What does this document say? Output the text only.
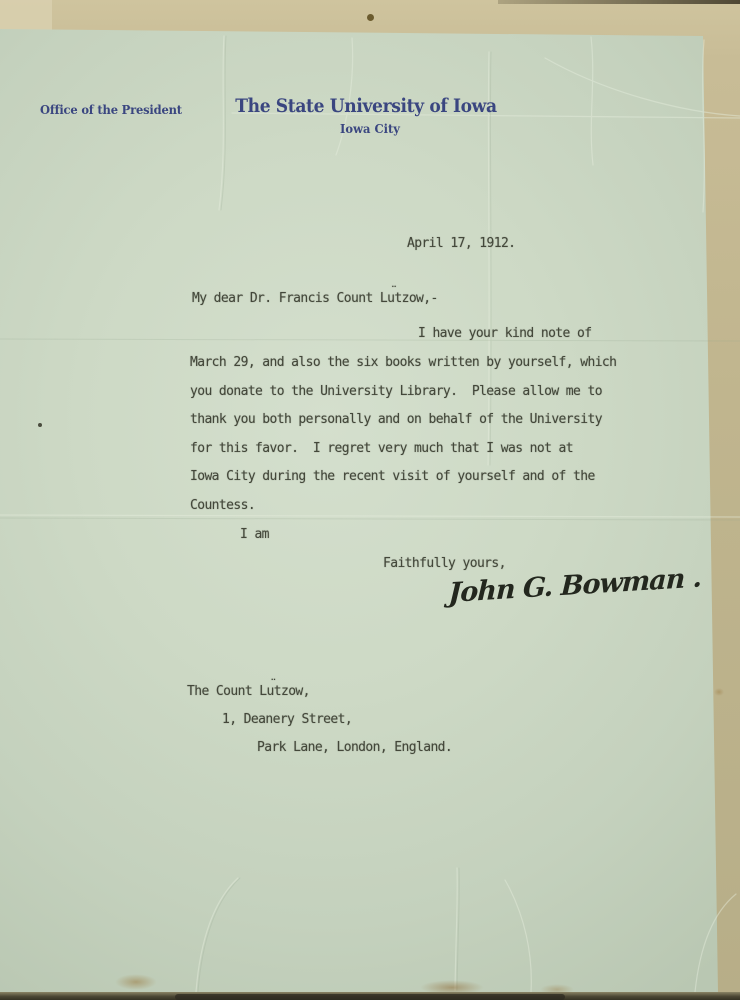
Office of the President	The State University of Iowa
Iowa City
April 17, 1912.
My dear Dr. Francis Count Lu¨tzow,-
I have your kind note of
March 29, and also the six books written by yourself, which
you donate to the University Library.  Please allow me to
thank you both personally and on behalf of the University
for this favor.  I regret very much that I was not at
Iowa City during the recent visit of yourself and of the
Countess.
I am
Faithfully yours,
John G. Bowman .
The Count Lu¨tzow,
1, Deanery Street,
Park Lane, London, England.
